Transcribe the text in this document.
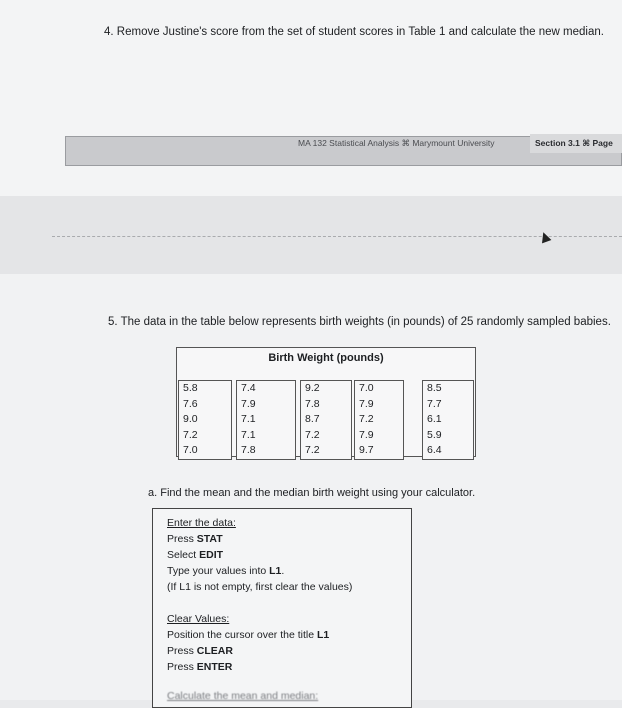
4. Remove Justine's score from the set of student scores in Table 1 and calculate the new median.
MA 132 Statistical Analysis ⌘ Marymount University	Section 3.1 ⌘ Page
5. The data in the table below represents birth weights (in pounds) of 25 randomly sampled babies.
Birth Weight (pounds)
5.8
7.6
9.0
7.2
7.0
7.4
7.9
7.1
7.1
7.8
9.2
7.8
8.7
7.2
7.2
7.0
7.9
7.2
7.9
9.7
8.5
7.7
6.1
5.9
6.4
a. Find the mean and the median birth weight using your calculator.
Enter the data:
Press STAT
Select EDIT
Type your values into L1.
(If L1 is not empty, first clear the values)
Clear Values:
Position the cursor over the title L1
Press CLEAR
Press ENTER
Calculate the mean and median:
